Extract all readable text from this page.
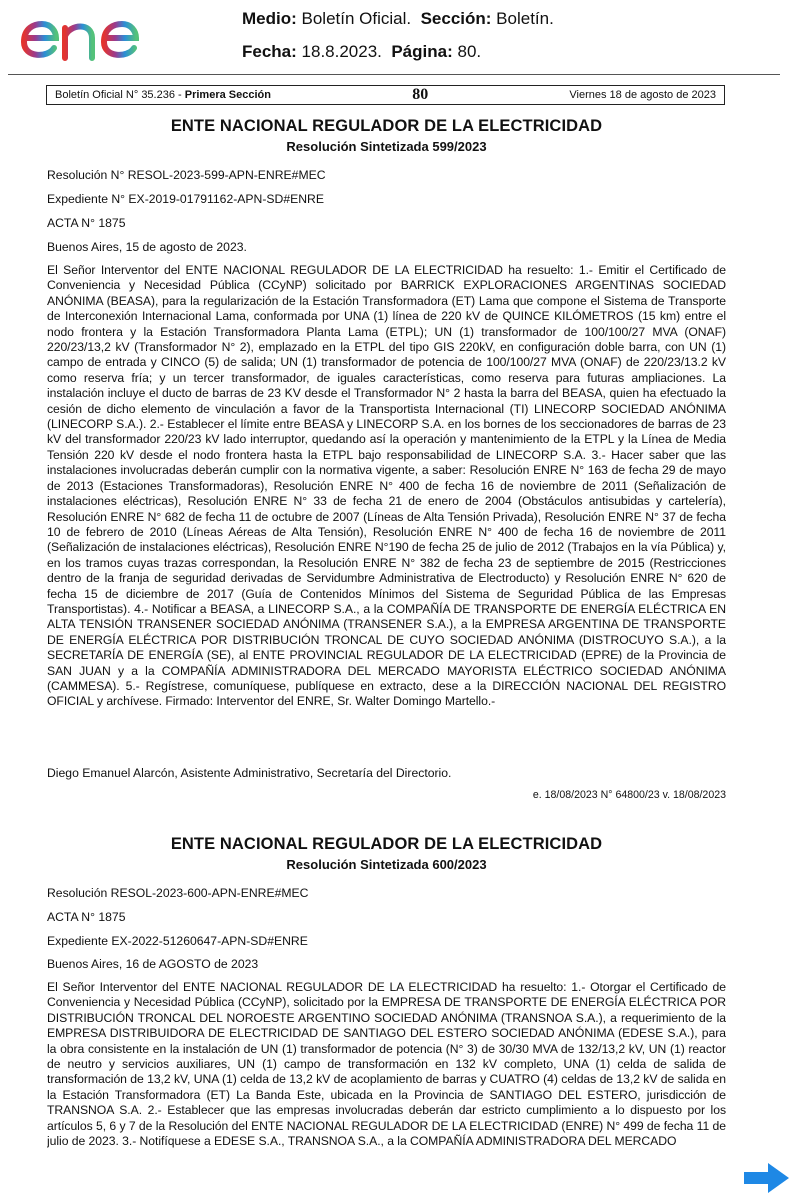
Medio: Boletín Oficial. Sección: Boletín.
Fecha: 18.8.2023. Página: 80.
Boletín Oficial N° 35.236 - Primera Sección	80	Viernes 18 de agosto de 2023

ENTE NACIONAL REGULADOR DE LA ELECTRICIDAD

Resolución Sintetizada 599/2023

Resolución N° RESOL-2023-599-APN-ENRE#MEC

Expediente N° EX-2019-01791162-APN-SD#ENRE

ACTA N° 1875

Buenos Aires, 15 de agosto de 2023.

El Señor Interventor del ENTE NACIONAL REGULADOR DE LA ELECTRICIDAD ha resuelto: 1.- Emitir el Certificado de Conveniencia y Necesidad Pública (CCyNP) solicitado por BARRICK EXPLORACIONES ARGENTINAS SOCIEDAD ANÓNIMA (BEASA), para la regularización de la Estación Transformadora (ET) Lama que compone el Sistema de Transporte de Interconexión Internacional Lama, conformada por UNA (1) línea de 220 kV de QUINCE KILÓMETROS (15 km) entre el nodo frontera y la Estación Transformadora Planta Lama (ETPL); UN (1) transformador de 100/100/27 MVA (ONAF) 220/23/13,2 kV (Transformador N° 2), emplazado en la ETPL del tipo GIS 220kV, en configuración doble barra, con UN (1) campo de entrada y CINCO (5) de salida; UN (1) transformador de potencia de 100/100/27 MVA (ONAF) de 220/23/13.2 kV como reserva fría; y un tercer transformador, de iguales características, como reserva para futuras ampliaciones. La instalación incluye el ducto de barras de 23 KV desde el Transformador N° 2 hasta la barra del BEASA, quien ha efectuado la cesión de dicho elemento de vinculación a favor de la Transportista Internacional (TI) LINECORP SOCIEDAD ANÓNIMA (LINECORP S.A.). 2.- Establecer el límite entre BEASA y LINECORP S.A. en los bornes de los seccionadores de barras de 23 kV del transformador 220/23 kV lado interruptor, quedando así la operación y mantenimiento de la ETPL y la Línea de Media Tensión 220 kV desde el nodo frontera hasta la ETPL bajo responsabilidad de LINECORP S.A. 3.- Hacer saber que las instalaciones involucradas deberán cumplir con la normativa vigente, a saber: Resolución ENRE N° 163 de fecha 29 de mayo de 2013 (Estaciones Transformadoras), Resolución ENRE N° 400 de fecha 16 de noviembre de 2011 (Señalización de instalaciones eléctricas), Resolución ENRE N° 33 de fecha 21 de enero de 2004 (Obstáculos antisubidas y cartelería), Resolución ENRE N° 682 de fecha 11 de octubre de 2007 (Líneas de Alta Tensión Privada), Resolución ENRE N° 37 de fecha 10 de febrero de 2010 (Líneas Aéreas de Alta Tensión), Resolución ENRE N° 400 de fecha 16 de noviembre de 2011 (Señalización de instalaciones eléctricas), Resolución ENRE N°190 de fecha 25 de julio de 2012 (Trabajos en la vía Pública) y, en los tramos cuyas trazas correspondan, la Resolución ENRE N° 382 de fecha 23 de septiembre de 2015 (Restricciones dentro de la franja de seguridad derivadas de Servidumbre Administrativa de Electroducto) y Resolución ENRE N° 620 de fecha 15 de diciembre de 2017 (Guía de Contenidos Mínimos del Sistema de Seguridad Pública de las Empresas Transportistas). 4.- Notificar a BEASA, a LINECORP S.A., a la COMPAÑÍA DE TRANSPORTE DE ENERGÍA ELÉCTRICA EN ALTA TENSIÓN TRANSENER SOCIEDAD ANÓNIMA (TRANSENER S.A.), a la EMPRESA ARGENTINA DE TRANSPORTE DE ENERGÍA ELÉCTRICA POR DISTRIBUCIÓN TRONCAL DE CUYO SOCIEDAD ANÓNIMA (DISTROCUYO S.A.), a la SECRETARÍA DE ENERGÍA (SE), al ENTE PROVINCIAL REGULADOR DE LA ELECTRICIDAD (EPRE) de la Provincia de SAN JUAN y a la COMPAÑÍA ADMINISTRADORA DEL MERCADO MAYORISTA ELÉCTRICO SOCIEDAD ANÓNIMA (CAMMESA). 5.- Regístrese, comuníquese, publíquese en extracto, dese a la DIRECCIÓN NACIONAL DEL REGISTRO OFICIAL y archívese. Firmado: Interventor del ENRE, Sr. Walter Domingo Martello.-

Diego Emanuel Alarcón, Asistente Administrativo, Secretaría del Directorio.

e. 18/08/2023 N° 64800/23 v. 18/08/2023

ENTE NACIONAL REGULADOR DE LA ELECTRICIDAD

Resolución Sintetizada 600/2023

Resolución RESOL-2023-600-APN-ENRE#MEC

ACTA N° 1875

Expediente EX-2022-51260647-APN-SD#ENRE

Buenos Aires, 16 de AGOSTO de 2023

El Señor Interventor del ENTE NACIONAL REGULADOR DE LA ELECTRICIDAD ha resuelto: 1.- Otorgar el Certificado de Conveniencia y Necesidad Pública (CCyNP), solicitado por la EMPRESA DE TRANSPORTE DE ENERGÍA ELÉCTRICA POR DISTRIBUCIÓN TRONCAL DEL NOROESTE ARGENTINO SOCIEDAD ANÓNIMA (TRANSNOA S.A.), a requerimiento de la EMPRESA DISTRIBUIDORA DE ELECTRICIDAD DE SANTIAGO DEL ESTERO SOCIEDAD ANÓNIMA (EDESE S.A.), para la obra consistente en la instalación de UN (1) transformador de potencia (N° 3) de 30/30 MVA de 132/13,2 kV, UN (1) reactor de neutro y servicios auxiliares, UN (1) campo de transformación en 132 kV completo, UNA (1) celda de salida de transformación de 13,2 kV, UNA (1) celda de 13,2 kV de acoplamiento de barras y CUATRO (4) celdas de 13,2 kV de salida en la Estación Transformadora (ET) La Banda Este, ubicada en la Provincia de SANTIAGO DEL ESTERO, jurisdicción de TRANSNOA S.A. 2.- Establecer que las empresas involucradas deberán dar estricto cumplimiento a lo dispuesto por los artículos 5, 6 y 7 de la Resolución del ENTE NACIONAL REGULADOR DE LA ELECTRICIDAD (ENRE) N° 499 de fecha 11 de julio de 2023. 3.- Notifíquese a EDESE S.A., TRANSNOA S.A., a la COMPAÑÍA ADMINISTRADORA DEL MERCADO
